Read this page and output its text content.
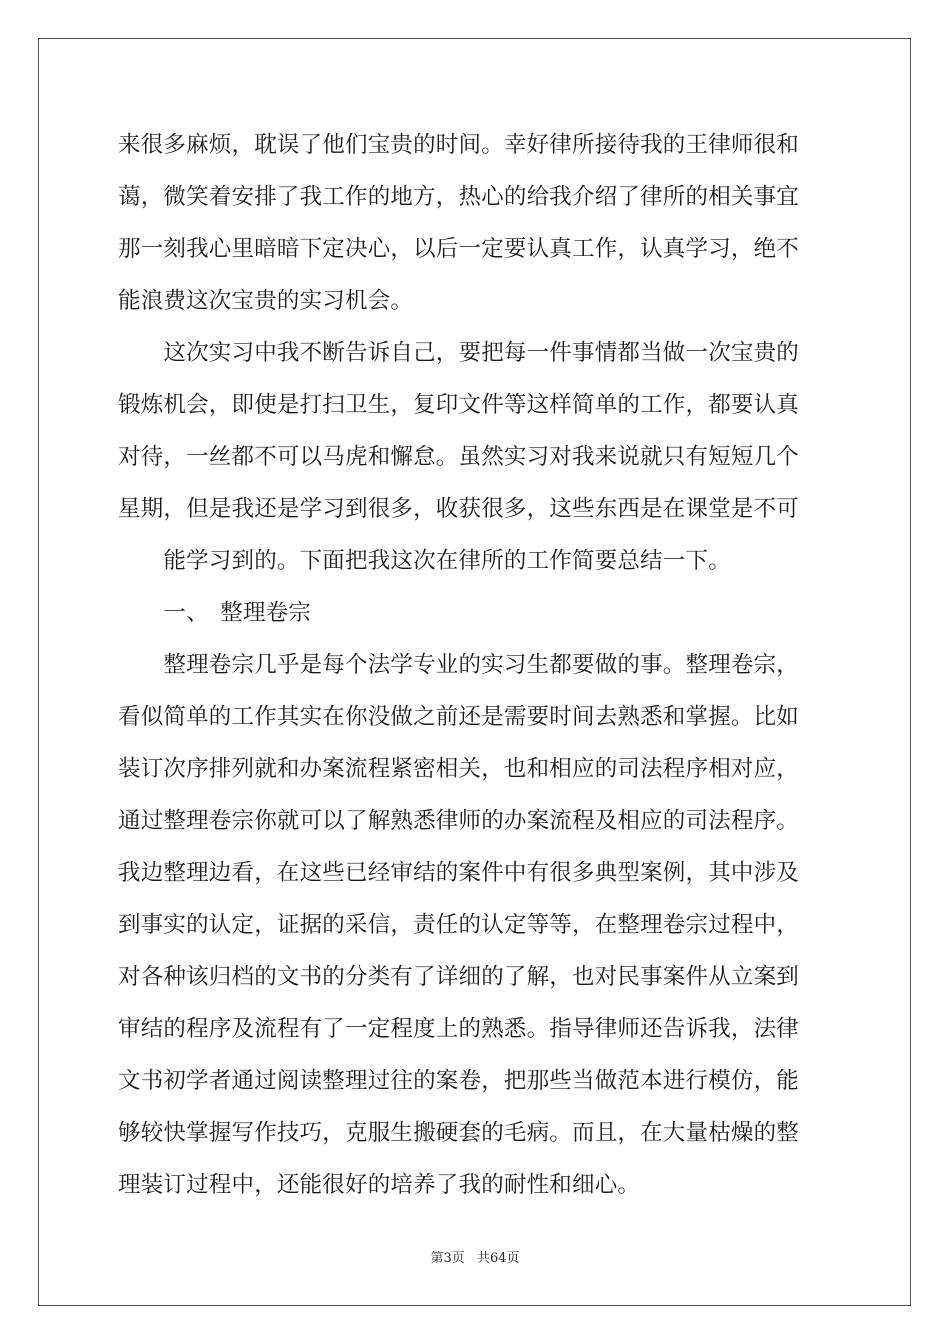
来很多麻烦，耽误了他们宝贵的时间。幸好律所接待我的王律师很和
蔼，微笑着安排了我工作的地方，热心的给我介绍了律所的相关事宜
那一刻我心里暗暗下定决心，以后一定要认真工作，认真学习，绝不
能浪费这次宝贵的实习机会。
　　这次实习中我不断告诉自己，要把每一件事情都当做一次宝贵的
锻炼机会，即使是打扫卫生，复印文件等这样简单的工作，都要认真
对待，一丝都不可以马虎和懈怠。虽然实习对我来说就只有短短几个
星期，但是我还是学习到很多，收获很多，这些东西是在课堂是不可
　　能学习到的。下面把我这次在律所的工作简要总结一下。
　　一、　整理卷宗
　　整理卷宗几乎是每个法学专业的实习生都要做的事。整理卷宗，
看似简单的工作其实在你没做之前还是需要时间去熟悉和掌握。比如
装订次序排列就和办案流程紧密相关，也和相应的司法程序相对应，
通过整理卷宗你就可以了解熟悉律师的办案流程及相应的司法程序。
我边整理边看，在这些已经审结的案件中有很多典型案例，其中涉及
到事实的认定，证据的采信，责任的认定等等，在整理卷宗过程中，
对各种该归档的文书的分类有了详细的了解，也对民事案件从立案到
审结的程序及流程有了一定程度上的熟悉。指导律师还告诉我，法律
文书初学者通过阅读整理过往的案卷，把那些当做范本进行模仿，能
够较快掌握写作技巧，克服生搬硬套的毛病。而且，在大量枯燥的整
理装订过程中，还能很好的培养了我的耐性和细心。
第3页 共64页
